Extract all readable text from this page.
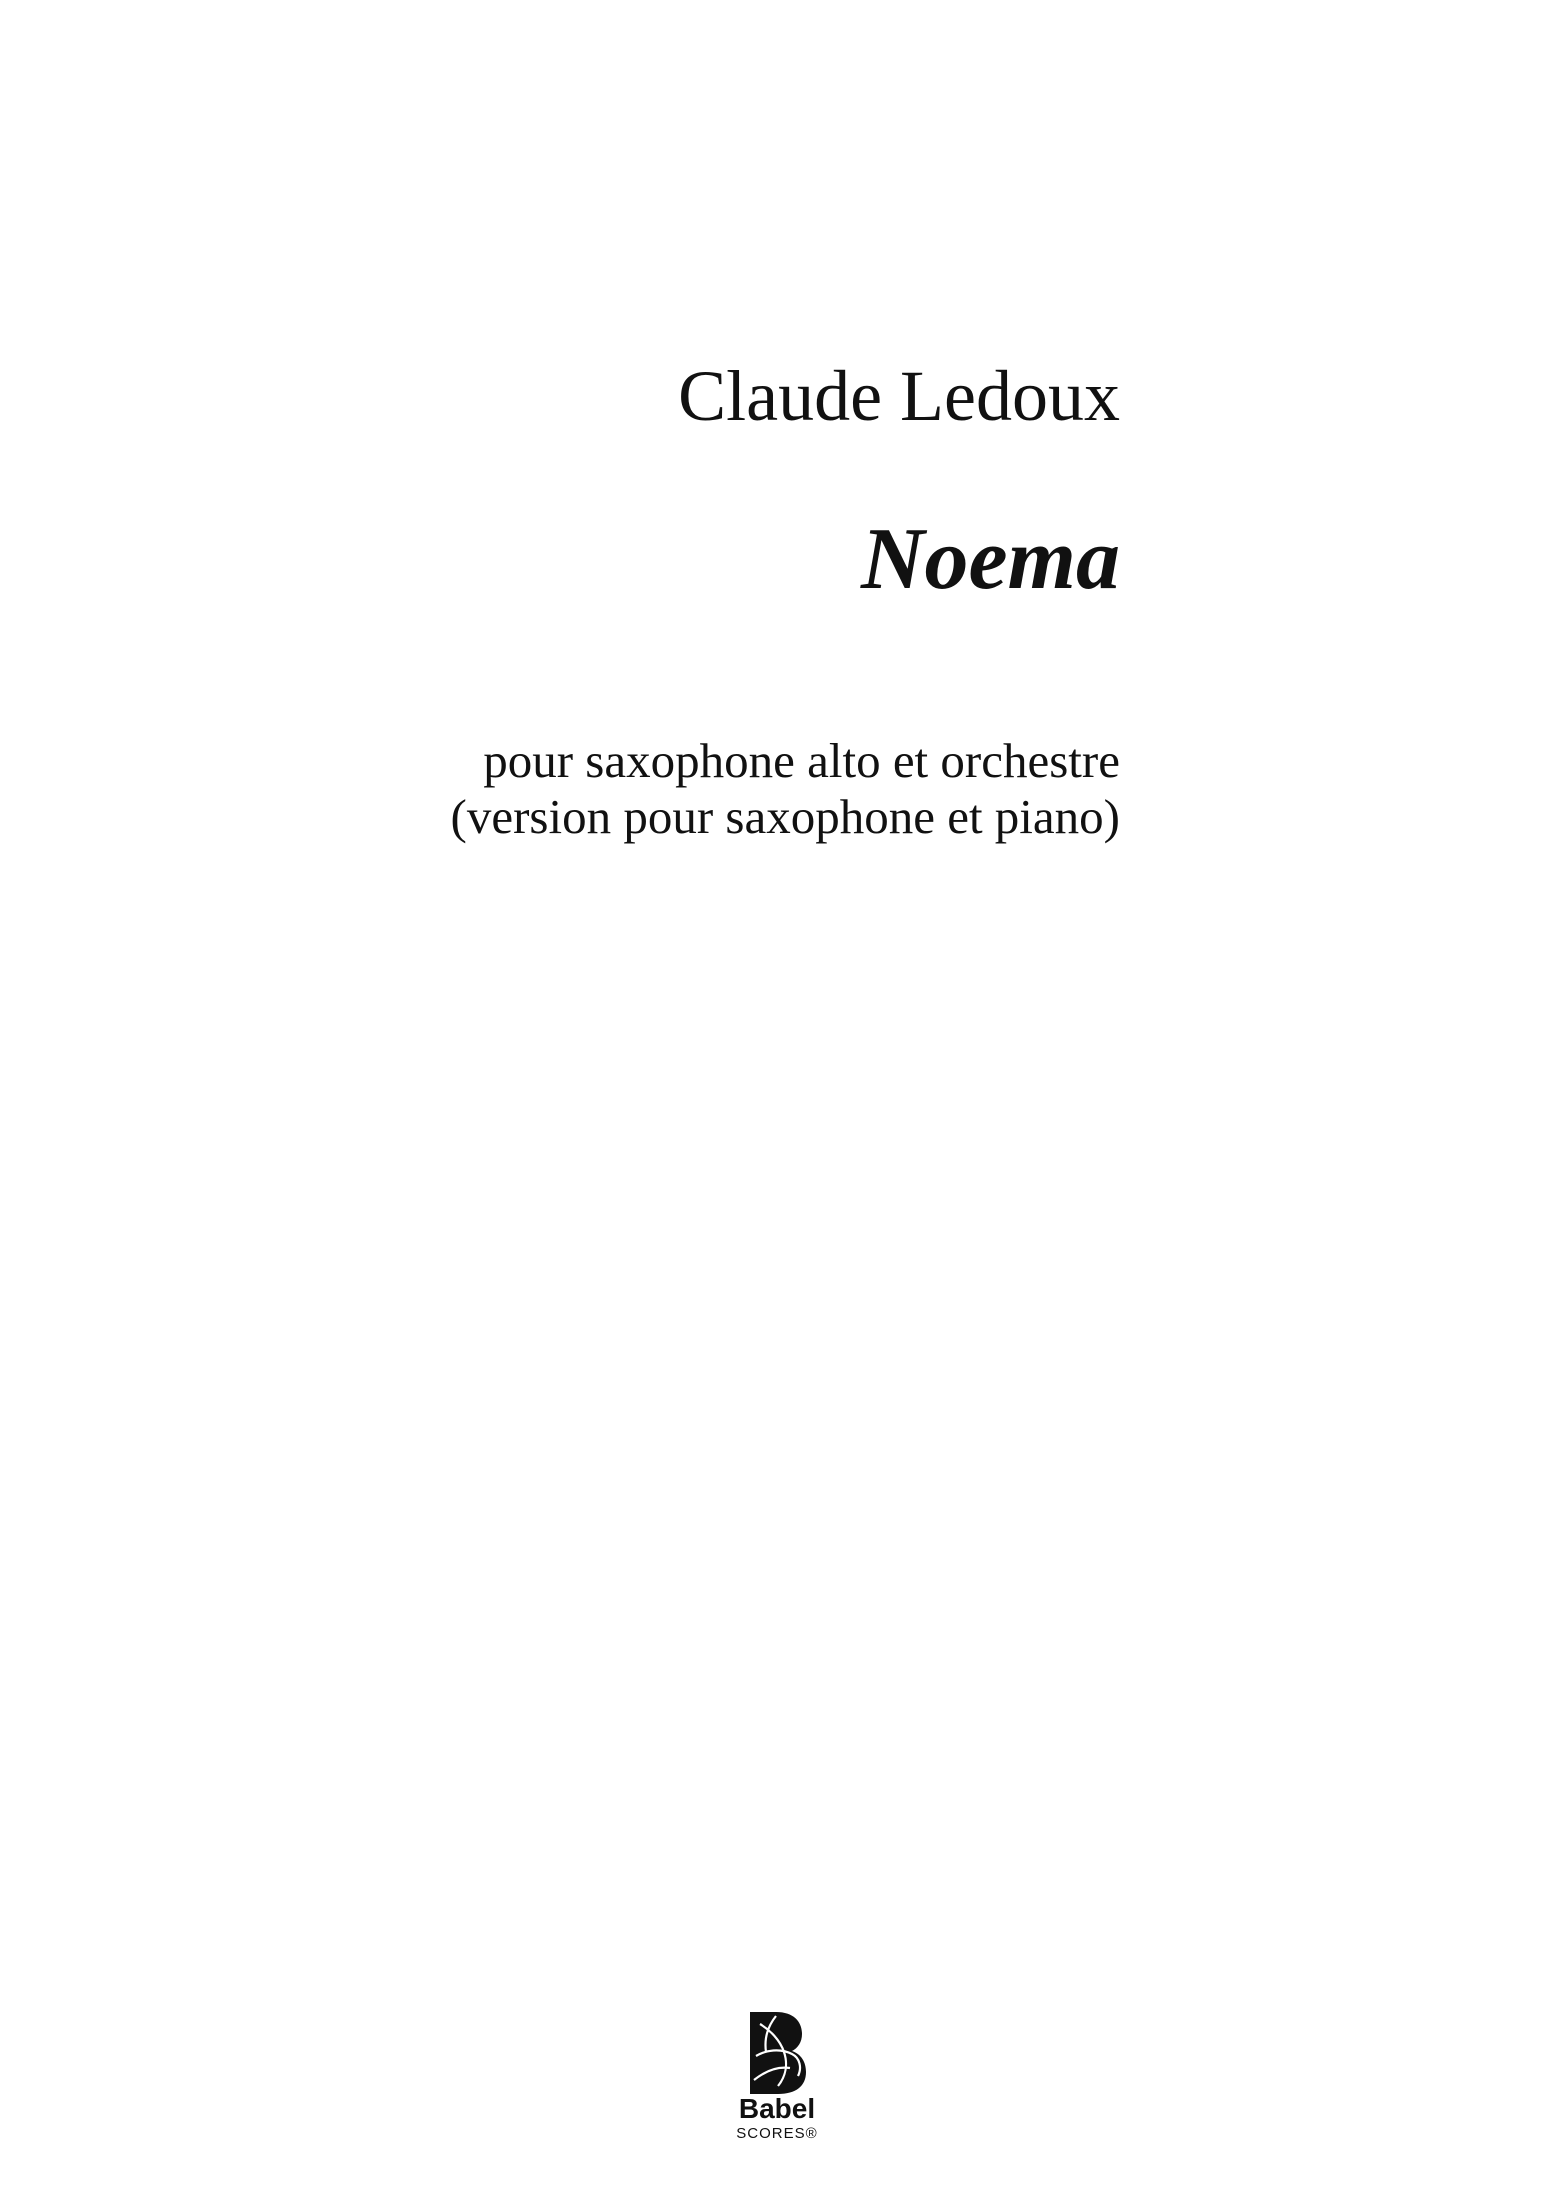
Claude Ledoux
Noema
pour saxophone alto et orchestre
(version pour saxophone et piano)
Babel
SCORES®
